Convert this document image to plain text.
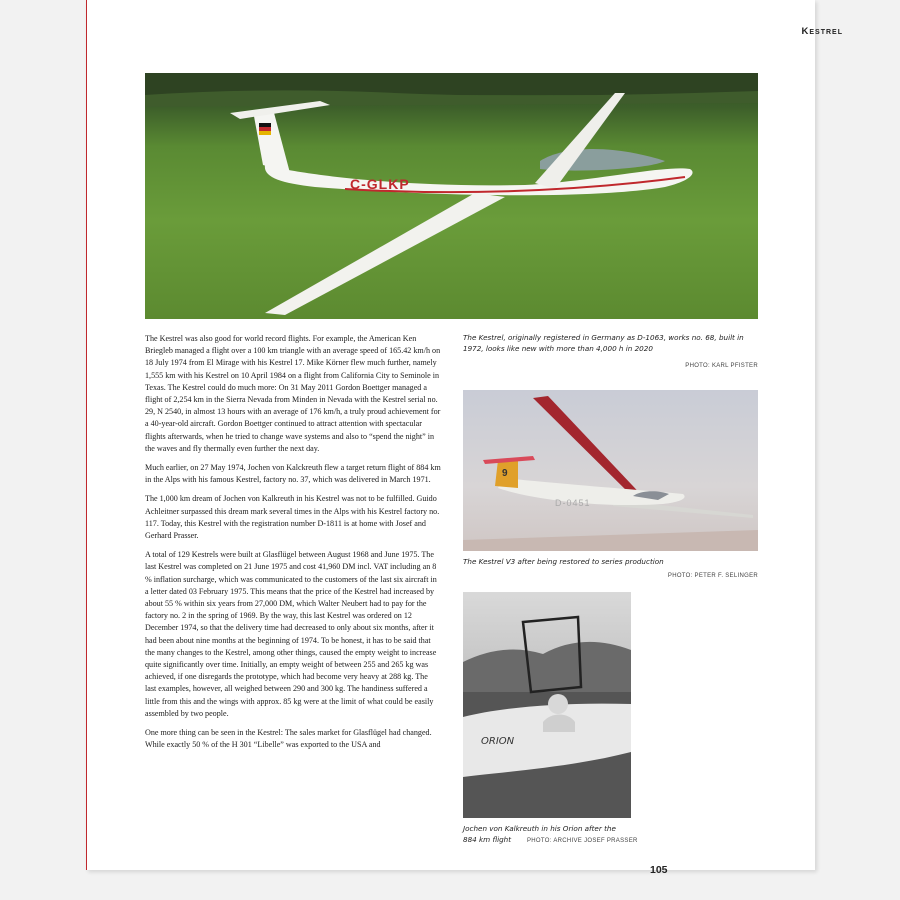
Kestrel
C-GLKP
The Kestrel, originally registered in Germany as D-1063, works no. 68, built in 1972, looks like new with more than 4,000 h in 2020
PHOTO: KARL PFISTER
9
D-0451
The Kestrel V3 after being restored to series production
PHOTO: PETER F. SELINGER
ORION
Jochen von Kalkreuth in his Orion after the
884 km flight	PHOTO: ARCHIVE JOSEF PRASSER

The Kestrel was also good for world record flights. For example, the American Ken Briegleb managed a flight over a 100 km triangle with an average speed of 165.42 km/h on 18 July 1974 from El Mirage with his Kestrel 17. Mike Körner flew much further, namely 1,555 km with his Kestrel on 10 April 1984 on a flight from California City to Seminole in Texas. The Kestrel could do much more: On 31 May 2011 Gordon Boettger managed a flight of 2,254 km in the Sierra Nevada from Minden in Nevada with the Kestrel serial no. 29, N 2540, in almost 13 hours with an average of 176 km/h, a truly proud achievement for a 40-year-old aircraft. Gordon Boettger continued to attract attention with spectacular flights afterwards, when he tried to change wave systems and also to “spend the night” in the waves and fly thermally even further the next day.

Much earlier, on 27 May 1974, Jochen von Kalckreuth flew a target return flight of 884 km in the Alps with his famous Kestrel, factory no. 37, which was delivered in March 1971.

The 1,000 km dream of Jochen von Kalkreuth in his Kestrel was not to be fulfilled. Guido Achleitner surpassed this dream mark several times in the Alps with his Kestrel factory no. 117. Today, this Kestrel with the registration number D-1811 is at home with Josef and Gerhard Prasser.

A total of 129 Kestrels were built at Glasflügel between August 1968 and June 1975. The last Kestrel was completed on 21 June 1975 and cost 41,960 DM incl. VAT including an 8 % inflation surcharge, which was communicated to the customers of the last six aircraft in a letter dated 03 February 1975. This means that the price of the Kestrel had increased by about 55 % within six years from 27,000 DM, which Walter Neubert had to pay for the factory no. 2 in the spring of 1969. By the way, this last Kestrel was ordered on 12 December 1974, so that the delivery time had decreased to only about six months, after it had been about nine months at the beginning of 1974. To be honest, it has to be said that the many changes to the Kestrel, among other things, caused the empty weight to increase quite significantly over time. Initially, an empty weight of between 255 and 265 kg was achieved, if one disregards the prototype, which had become very heavy at 288 kg. The last examples, however, all weighed between 290 and 300 kg. The handiness suffered a little from this and the wings with approx. 85 kg were at the limit of what could be easily assembled by two people.

One more thing can be seen in the Kestrel: The sales market for Glasflügel had changed. While exactly 50 % of the H 301 “Libelle” was exported to the USA and

105
